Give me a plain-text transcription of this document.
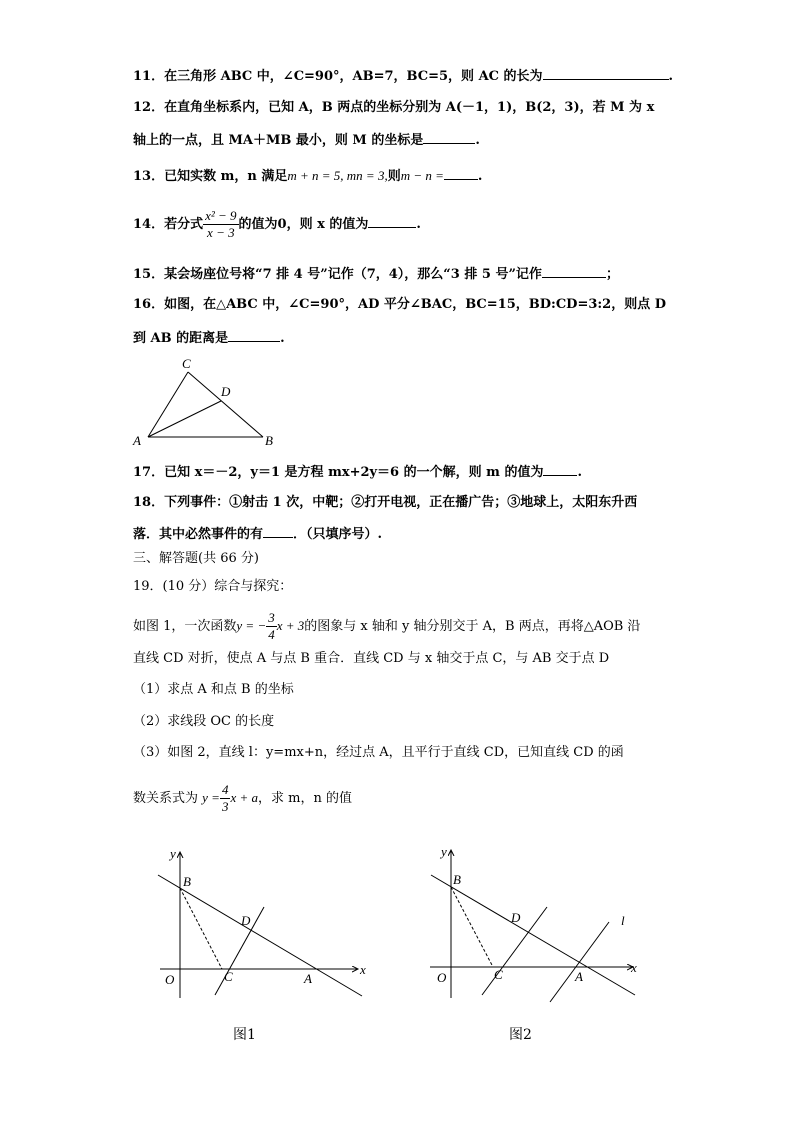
11．在三角形 ABC 中，∠C=90°，AB=7，BC=5，则 AC 的长为	.
12．在直角坐标系内，已知 A，B 两点的坐标分别为 A(－1，1)，B(2，3)，若 M 为 x
轴上的一点，且 MA＋MB 最小，则 M 的坐标是	.
13．已知实数 m，n 满足m + n = 5, mn = 3,则m − n =	.
14．若分式 $\frac{\text{x² − 9}}{x - 3}$ 的值为0，则 x 的值为	.
15．某会场座位号将“7 排 4 号”记作（7，4），那么“3 排 5 号”记作	；
16．如图，在△ABC 中，∠C=90°，AD 平分∠BAC，BC=15，BD:CD=3:2，则点 D
到 AB 的距离是	.
C
D
A	B
17．已知 x＝－2，y＝1 是方程 mx+2y＝6 的一个解，则 m 的值为	.
18．下列事件：①射击 1 次，中靶；②打开电视，正在播广告；③地球上，太阳东升西
落．其中必然事件的有 ．（只填序号）.
三、解答题(共 66 分)
19．(10 分）综合与探究：
如图 1，一次函数y = − $\frac{3}{4}$ x + 3的图象与 x 轴和 y 轴分别交于 A，B 两点，再将△AOB 沿
直线 CD 对折，使点 A 与点 B 重合．直线 CD 与 x 轴交于点 C，与 AB 交于点 D
（1）求点 A 和点 B 的坐标
（2）求线段 OC 的长度
（3）如图 2，直线 l：y=mx+n，经过点 A，且平行于直线 CD，已知直线 CD 的函
数关系式为 $y = \frac{4}{3}$ x + a，求 m，n 的值
y
x
O
B
C
D
A
图1
y
x
O
B
C
D
A
l
图2
